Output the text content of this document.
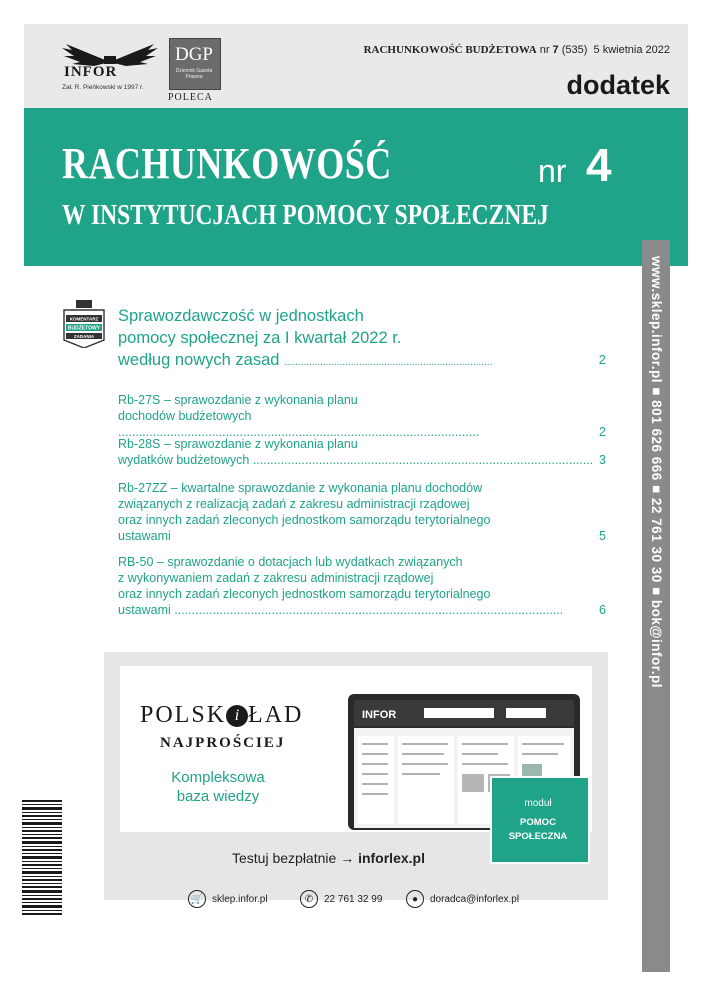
INFOR
Zał. R. Pieńkowski w 1997 r.
DGP
Dziennik Gazeta Prawna
POLECA
RACHUNKOWOŚĆ BUDŻETOWA nr 7 (535) 5 kwietnia 2022
dodatek
RACHUNKOWOŚĆ	nr 4
W INSTYTUCJACH POMOCY SPOŁECZNEJ
www.sklep.infor.pl ■ 801 626 666 ■ 22 761 30 30 ■ bok@infor.pl
KOMENTARZ
BUDŻETOWY
ZADANIA
Sprawozdawczość w jednostkach
pomocy społecznej za I kwartał 2022 r.
według nowych zasad ...........................................................................	2
Rb-27S – sprawozdanie z wykonania planu
dochodów budżetowych ........................................................................................................	2
Rb-28S – sprawozdanie z wykonania planu
wydatków budżetowych .................................................................................................. 3
Rb-27ZZ – kwartalne sprawozdanie z wykonania planu dochodów
związanych z realizacją zadań z zakresu administracji rządowej
oraz innych zadań zleconych jednostkom samorządu terytorialnego
ustawami	5
RB-50 – sprawozdanie o dotacjach lub wydatkach związanych
z wykonywaniem zadań z zakresu administracji rządowej
oraz innych zadań zleconych jednostkom samorządu terytorialnego
ustawami ................................................................................................................	6
POLSK i ŁAD
NAJPROŚCIEJ
Kompleksowa
baza wiedzy
INFOR
moduł
POMOC
SPOŁECZNA
Testuj bezpłatnie → inforlex.pl
🛒 sklep.infor.pl	✆	22 761 32 99	●	doradca@inforlex.pl
